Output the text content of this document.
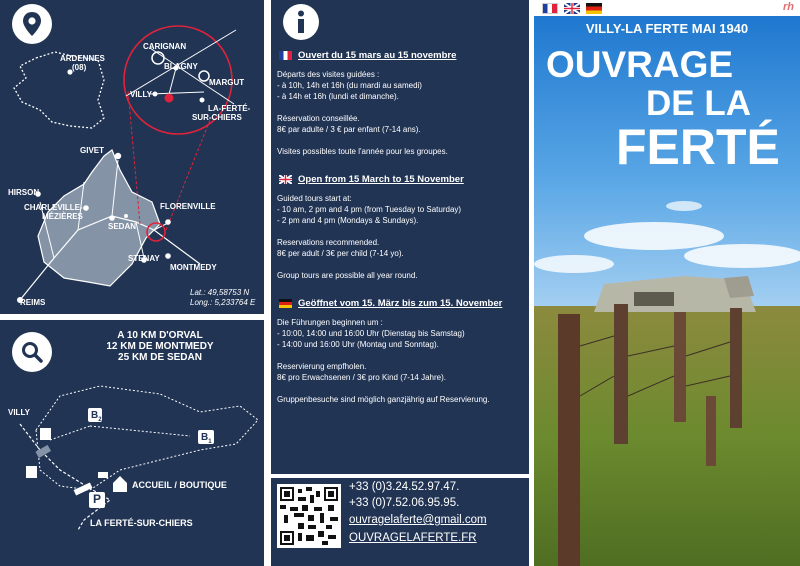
ARDENNES
(08)
CARIGNAN
BLAGNY
MARGUT
VILLY
LA-FERTÉ-
SUR-CHIERS
GIVET
HIRSON
CHARLEVILLE-
MÉZIÈRES
SEDAN
FLORENVILLE
STENAY
MONTMEDY
REIMS
Lat.: 49,58753 N
Long.: 5,233764 E
A 10 KM D'ORVAL
12 KM DE MONTMEDY
25 KM DE SEDAN
VILLY	$B_2$
$B_1$
P
ACCUEIL / BOUTIQUE
LA FERTÉ-SUR-CHIERS
Ouvert du 15 mars au 15 novembre
Départs des visites guidées :
- à 10h, 14h et 16h (du mardi au samedi)
- à 14h et 16h (lundi et dimanche).
Réservation conseillée.
8€ par adulte / 3 € par enfant (7-14 ans).
Visites possibles toute l'année pour les groupes.
Open from 15 March to 15 November
Guided tours start at:
- 10 am, 2 pm and 4 pm (from Tuesday to Saturday)
- 2 pm and 4 pm (Mondays & Sundays).
Reservations recommended.
8€ per adult / 3€ per child (7-14 yo).
Group tours are possible all year round.
Geöffnet vom 15. März bis zum 15. November
Die Führungen beginnen um :
- 10:00, 14:00 und 16:00 Uhr (Dienstag bis Samstag)
- 14:00 und 16:00 Uhr (Montag und Sonntag).
Reservierung empfholen.
8€ pro Erwachsenen / 3€ pro Kind (7-14 Jahre).
Gruppenbesuche sind möglich ganzjährig auf Reservierung.
+33 (0)3.24.52.97.47.
+33 (0)7.52.06.95.95.
ouvragelaferte@gmail.com
OUVRAGELAFERTE.FR
rh
VILLY-LA FERTE MAI 1940
OUVRAGE
DE LA
FERTÉ
